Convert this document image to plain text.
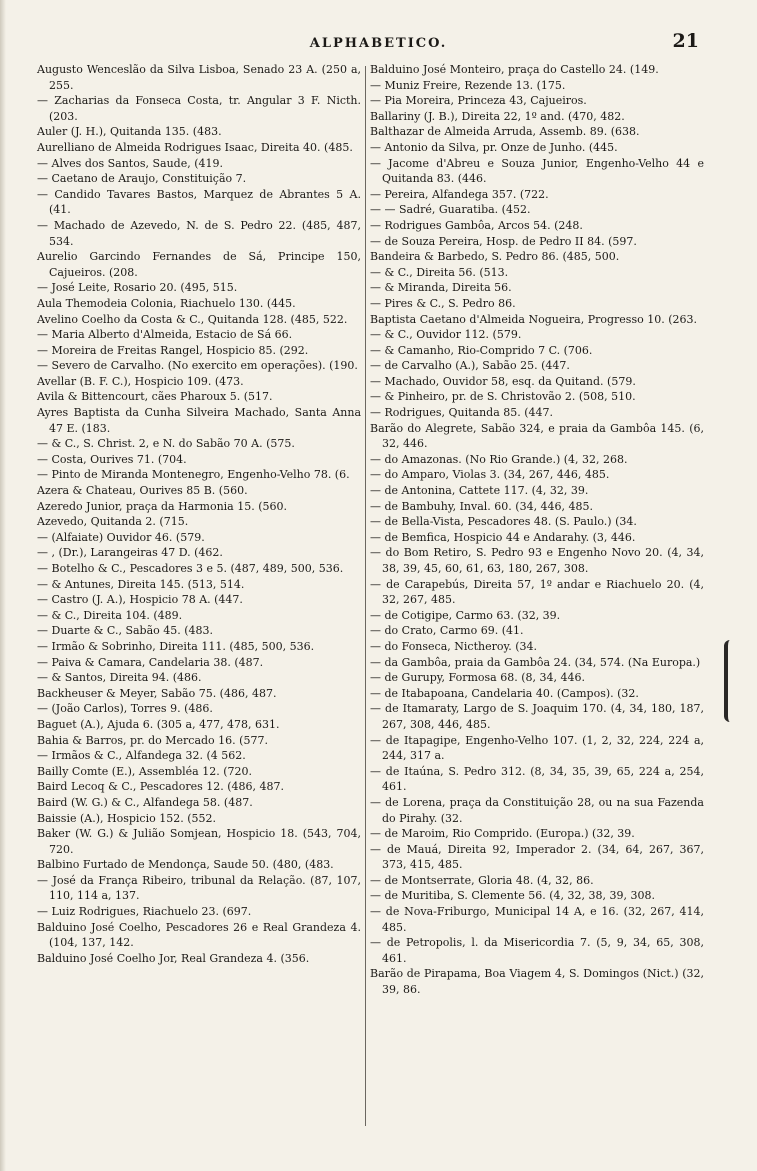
ALPHABETICO.	21

Augusto Wenceslão da Silva Lisboa, Senado 23 A. (250 a, 255.

— Zacharias da Fonseca Costa, tr. Angular 3 F. Nicth. (203.

Auler (J. H.), Quitanda 135. (483.

Aurelliano de Almeida Rodrigues Isaac, Direita 40. (485.

— Alves dos Santos, Saude, (419.

— Caetano de Araujo, Constituição 7.

— Candido Tavares Bastos, Marquez de Abrantes 5 A. (41.

— Machado de Azevedo, N. de S. Pedro 22. (485, 487, 534.

Aurelio Garcindo Fernandes de Sá, Principe 150, Cajueiros. (208.

— José Leite, Rosario 20. (495, 515.

Aula Themodeia Colonia, Riachuelo 130. (445.

Avelino Coelho da Costa & C., Quitanda 128. (485, 522.

— Maria Alberto d'Almeida, Estacio de Sá 66.

— Moreira de Freitas Rangel, Hospicio 85. (292.

— Severo de Carvalho. (No exercito em operações). (190.

Avellar (B. F. C.), Hospicio 109. (473.

Avila & Bittencourt, cães Pharoux 5. (517.

Ayres Baptista da Cunha Silveira Machado, Santa Anna 47 E. (183.

— & C., S. Christ. 2, e N. do Sabão 70 A. (575.

— Costa, Ourives 71. (704.

— Pinto de Miranda Montenegro, Engenho-Velho 78. (6.

Azera & Chateau, Ourives 85 B. (560.

Azeredo Junior, praça da Harmonia 15. (560.

Azevedo, Quitanda 2. (715.

— (Alfaiate) Ouvidor 46. (579.

— , (Dr.), Larangeiras 47 D. (462.

— Botelho & C., Pescadores 3 e 5. (487, 489, 500, 536.

— & Antunes, Direita 145. (513, 514.

— Castro (J. A.), Hospicio 78 A. (447.

— & C., Direita 104. (489.

— Duarte & C., Sabão 45. (483.

— Irmão & Sobrinho, Direita 111. (485, 500, 536.

— Paiva & Camara, Candelaria 38. (487.

— & Santos, Direita 94. (486.

Backheuser & Meyer, Sabão 75. (486, 487.

— (João Carlos), Torres 9. (486.

Baguet (A.), Ajuda 6. (305 a, 477, 478, 631.

Bahia & Barros, pr. do Mercado 16. (577.

— Irmãos & C., Alfandega 32. (4 562.

Bailly Comte (E.), Assembléa 12. (720.

Baird Lecoq & C., Pescadores 12. (486, 487.

Baird (W. G.) & C., Alfandega 58. (487.

Baissie (A.), Hospicio 152. (552.

Baker (W. G.) & Julião Somjean, Hospicio 18. (543, 704, 720.

Balbino Furtado de Mendonça, Saude 50. (480, (483.

— José da França Ribeiro, tribunal da Relação. (87, 107, 110, 114 a, 137.

— Luiz Rodrigues, Riachuelo 23. (697.

Balduino José Coelho, Pescadores 26 e Real Grandeza 4. (104, 137, 142.

Balduino José Coelho Jor, Real Grandeza 4. (356.

Balduino José Monteiro, praça do Castello 24. (149.

— Muniz Freire, Rezende 13. (175.

— Pia Moreira, Princeza 43, Cajueiros.

Ballariny (J. B.), Direita 22, 1º and. (470, 482.

Balthazar de Almeida Arruda, Assemb. 89. (638.

— Antonio da Silva, pr. Onze de Junho. (445.

— Jacome d'Abreu e Souza Junior, Engenho-Velho 44 e Quitanda 83. (446.

— Pereira, Alfandega 357. (722.

— — Sadré, Guaratiba. (452.

— Rodrigues Gambôa, Arcos 54. (248.

— de Souza Pereira, Hosp. de Pedro II 84. (597.

Bandeira & Barbedo, S. Pedro 86. (485, 500.

— & C., Direita 56. (513.

— & Miranda, Direita 56.

— Pires & C., S. Pedro 86.

Baptista Caetano d'Almeida Nogueira, Progresso 10. (263.

— & C., Ouvidor 112. (579.

— & Camanho, Rio-Comprido 7 C. (706.

— de Carvalho (A.), Sabão 25. (447.

— Machado, Ouvidor 58, esq. da Quitand. (579.

— & Pinheiro, pr. de S. Christovão 2. (508, 510.

— Rodrigues, Quitanda 85. (447.

Barão do Alegrete, Sabão 324, e praia da Gambôa 145. (6, 32, 446.

— do Amazonas. (No Rio Grande.) (4, 32, 268.

— do Amparo, Violas 3. (34, 267, 446, 485.

— de Antonina, Cattete 117. (4, 32, 39.

— de Bambuhy, Inval. 60. (34, 446, 485.

— de Bella-Vista, Pescadores 48. (S. Paulo.) (34.

— de Bemfica, Hospicio 44 e Andarahy. (3, 446.

— do Bom Retiro, S. Pedro 93 e Engenho Novo 20. (4, 34, 38, 39, 45, 60, 61, 63, 180, 267, 308.

— de Carapebús, Direita 57, 1º andar e Riachuelo 20. (4, 32, 267, 485.

— de Cotigipe, Carmo 63. (32, 39.

— do Crato, Carmo 69. (41.

— do Fonseca, Nictheroy. (34.

— da Gambôa, praia da Gambôa 24. (34, 574. (Na Europa.)

— de Gurupy, Formosa 68. (8, 34, 446.

— de Itabapoana, Candelaria 40. (Campos). (32.

— de Itamaraty, Largo de S. Joaquim 170. (4, 34, 180, 187, 267, 308, 446, 485.

— de Itapagipe, Engenho-Velho 107. (1, 2, 32, 224, 224 a, 244, 317 a.

— de Itaúna, S. Pedro 312. (8, 34, 35, 39, 65, 224 a, 254, 461.

— de Lorena, praça da Constituição 28, ou na sua Fazenda do Pirahy. (32.

— de Maroim, Rio Comprido. (Europa.) (32, 39.

— de Mauá, Direita 92, Imperador 2. (34, 64, 267, 367, 373, 415, 485.

— de Montserrate, Gloria 48. (4, 32, 86.

— de Muritiba, S. Clemente 56. (4, 32, 38, 39, 308.

— de Nova-Friburgo, Municipal 14 A, e 16. (32, 267, 414, 485.

— de Petropolis, l. da Misericordia 7. (5, 9, 34, 65, 308, 461.

Barão de Pirapama, Boa Viagem 4, S. Domingos (Nict.) (32, 39, 86.
